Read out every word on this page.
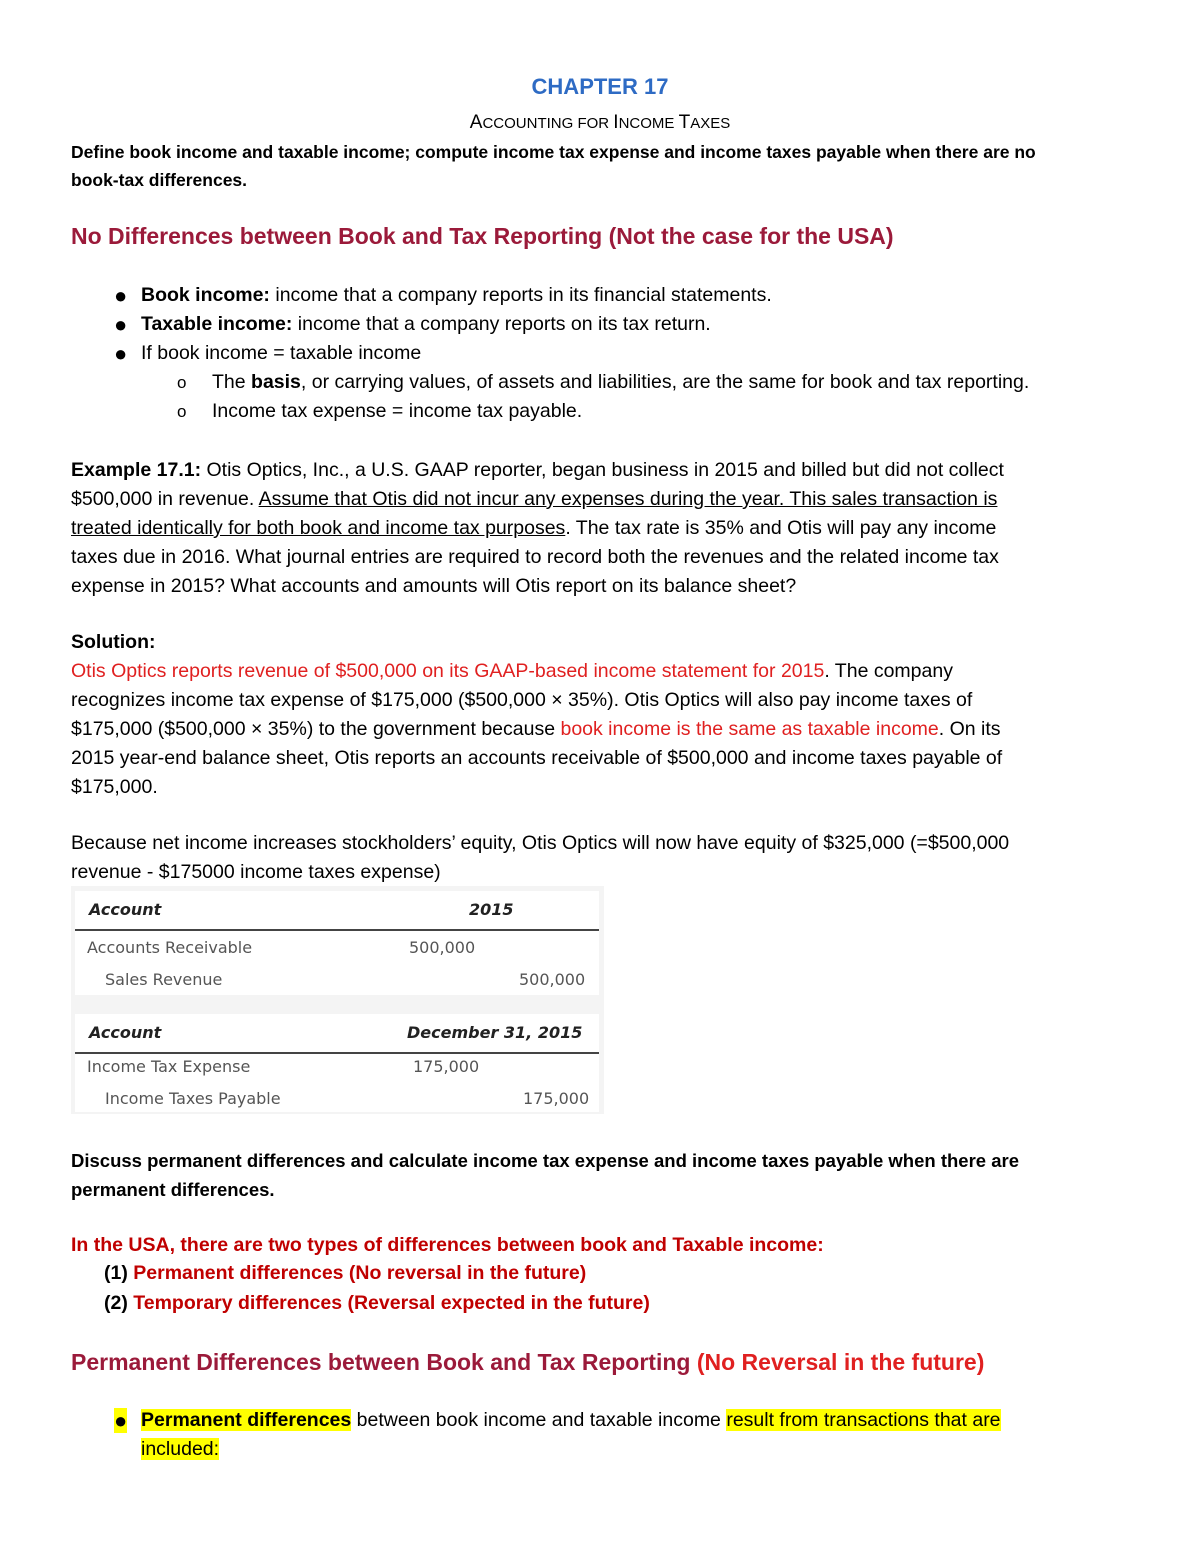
CHAPTER 17
ACCOUNTING FOR INCOME TAXES
Define book income and taxable income; compute income tax expense and income taxes payable when there are no
book-tax differences.
No Differences between Book and Tax Reporting (Not the case for the USA)
● Book income: income that a company reports in its financial statements.
● Taxable income: income that a company reports on its tax return.
● If book income = taxable income
o The basis, or carrying values, of assets and liabilities, are the same for book and tax reporting.
o Income tax expense = income tax payable.
Example 17.1: Otis Optics, Inc., a U.S. GAAP reporter, began business in 2015 and billed but did not collect
$500,000 in revenue. Assume that Otis did not incur any expenses during the year. This sales transaction is
treated identically for both book and income tax purposes. The tax rate is 35% and Otis will pay any income
taxes due in 2016. What journal entries are required to record both the revenues and the related income tax
expense in 2015? What accounts and amounts will Otis report on its balance sheet?
Solution:
Otis Optics reports revenue of $500,000 on its GAAP-based income statement for 2015. The company
recognizes income tax expense of $175,000 ($500,000 × 35%). Otis Optics will also pay income taxes of
$175,000 ($500,000 × 35%) to the government because book income is the same as taxable income. On its
2015 year-end balance sheet, Otis reports an accounts receivable of $500,000 and income taxes payable of
$175,000.
Because net income increases stockholders’ equity, Otis Optics will now have equity of $325,000 (=$500,000
revenue - $175000 income taxes expense)
Account	2015
Accounts Receivable	500,000
Sales Revenue	500,000
Account	December 31, 2015
Income Tax Expense	175,000
Income Taxes Payable	175,000
Discuss permanent differences and calculate income tax expense and income taxes payable when there are
permanent differences.
In the USA, there are two types of differences between book and Taxable income:
(1) Permanent differences (No reversal in the future)
(2) Temporary differences (Reversal expected in the future)
Permanent Differences between Book and Tax Reporting (No Reversal in the future)
● Permanent differences between book income and taxable income result from transactions that are
included:
